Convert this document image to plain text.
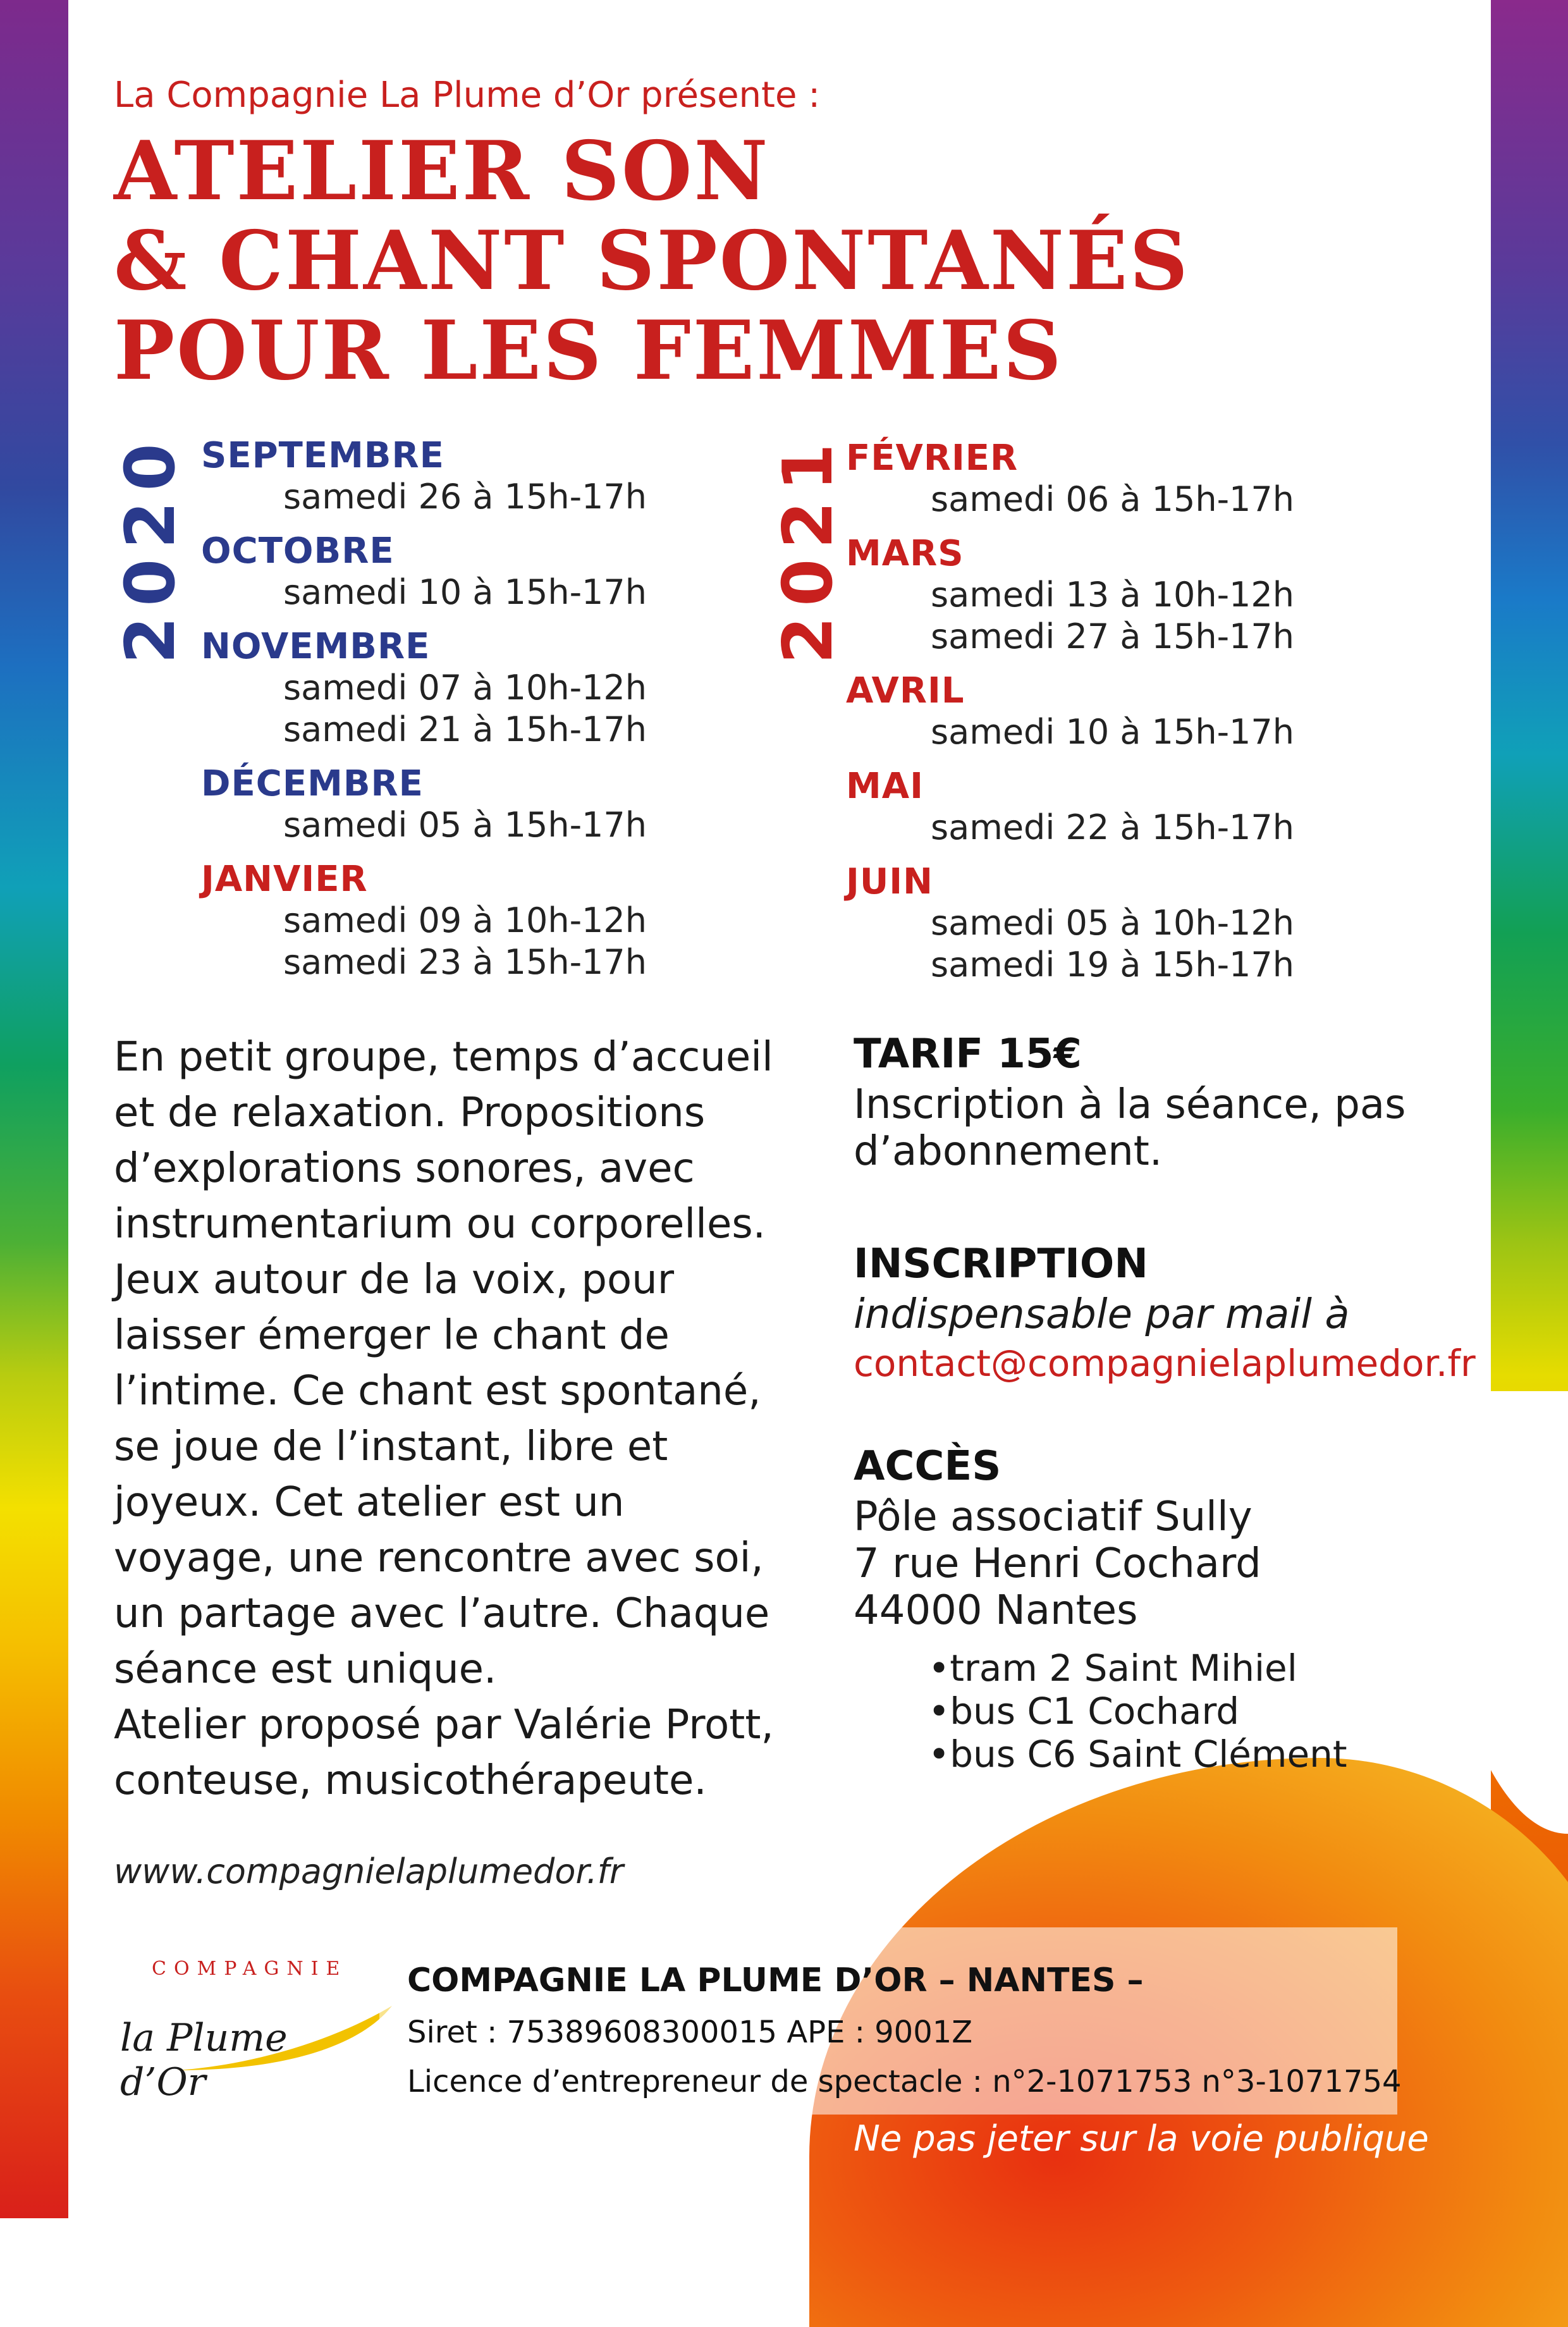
La Compagnie La Plume d’Or présente :
ATELIER SON
& CHANT SPONTANÉS
POUR LES FEMMES
2020	2021
SEPTEMBRE
samedi 26 à 15h-17h
OCTOBRE
samedi 10 à 15h-17h
NOVEMBRE
samedi 07 à 10h-12h
samedi 21 à 15h-17h
DÉCEMBRE
samedi 05 à 15h-17h
JANVIER
samedi 09 à 10h-12h
samedi 23 à 15h-17h
FÉVRIER
samedi 06 à 15h-17h
MARS
samedi 13 à 10h-12h
samedi 27 à 15h-17h
AVRIL
samedi 10 à 15h-17h
MAI
samedi 22 à 15h-17h
JUIN
samedi 05 à 10h-12h
samedi 19 à 15h-17h
En petit groupe, temps d’accueil
et de relaxation. Propositions
d’explorations sonores, avec
instrumentarium ou corporelles.
Jeux autour de la voix, pour
laisser émerger le chant de
l’intime. Ce chant est spontané,
se joue de l’instant, libre et
joyeux. Cet atelier est un
voyage, une rencontre avec soi,
un partage avec l’autre. Chaque
séance est unique.
Atelier proposé par Valérie Prott,
conteuse, musicothérapeute.
TARIF 15€
Inscription à la séance, pas
d’abonnement.
INSCRIPTION
indispensable par mail à
contact@compagnielaplumedor.fr
ACCÈS
Pôle associatif Sully
7 rue Henri Cochard
44000 Nantes
•tram 2 Saint Mihiel
•bus C1 Cochard
•bus C6 Saint Clément
www.compagnielaplumedor.fr
COMPAGNIE
la Plume d’Or
COMPAGNIE LA PLUME D’OR – NANTES –
Siret : 75389608300015 APE : 9001Z
Licence d’entrepreneur de spectacle : n°2-1071753 n°3-1071754
Ne pas jeter sur la voie publique
